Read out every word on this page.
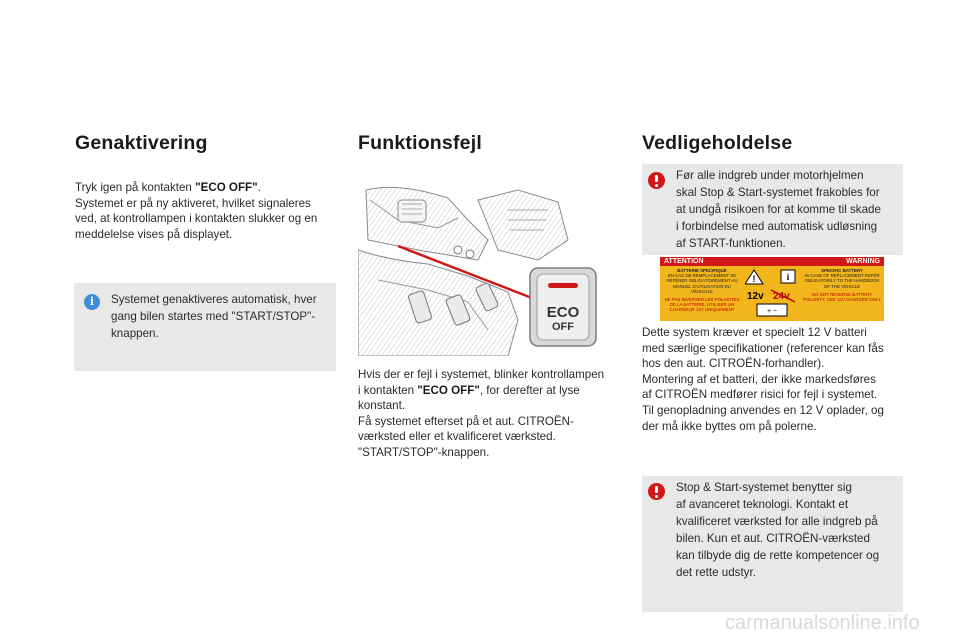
Genaktivering
Tryk igen på kontakten "ECO OFF".
Systemet er på ny aktiveret, hvilket signaleres
ved, at kontrollampen i kontakten slukker og en
meddelelse vises på displayet.
i	Systemet genaktiveres automatisk, hver
gang bilen startes med "START/STOP"-
knappen.
Funktionsfejl
ECO
OFF
Hvis der er fejl i systemet, blinker kontrollampen
i kontakten "ECO OFF", for derefter at lyse
konstant.
Få systemet efterset på et aut. CITROËN-
værksted eller et kvalificeret værksted.
"START/STOP"-knappen.
Vedligeholdelse
Før alle indgreb under motorhjelmen
skal Stop & Start-systemet frakobles for
at undgå risikoen for at komme til skade
i forbindelse med automatisk udløsning
af START-funktionen.
ATTENTION	WARNING
BATTERIE SPECIFIQUE
EN CAS DE REMPLACEMENT SE RÉFÉRER OBLIGATOIREMENT AU MANUEL D'UTILISATION DU VÉHICULE
NE PAS INVERSER LES POLARITÉS DE LA BATTERIE, UTILISER UN CHARGEUR 12V UNIQUEMENT
!	i
12v 24v
+ −
SPECIFIC BATTERY
IN CASE OF REPLACEMENT REFER OBLIGATORILY TO THE HANDBOOK OF THE VEHICLE
DO NOT REVERSE BATTERY POLARITY, USE 12V CHARGER ONLY
Dette system kræver et specielt 12 V batteri
med særlige specifikationer (referencer kan fås
hos den aut. CITROËN-forhandler).
Montering af et batteri, der ikke markedsføres
af CITROËN medfører risici for fejl i systemet.
Til genopladning anvendes en 12 V oplader, og
der må ikke byttes om på polerne.
Stop & Start-systemet benytter sig
af avanceret teknologi. Kontakt et
kvalificeret værksted for alle indgreb på
bilen. Kun et aut. CITROËN-værksted
kan tilbyde dig de rette kompetencer og
det rette udstyr.
carmanualsonline.info
